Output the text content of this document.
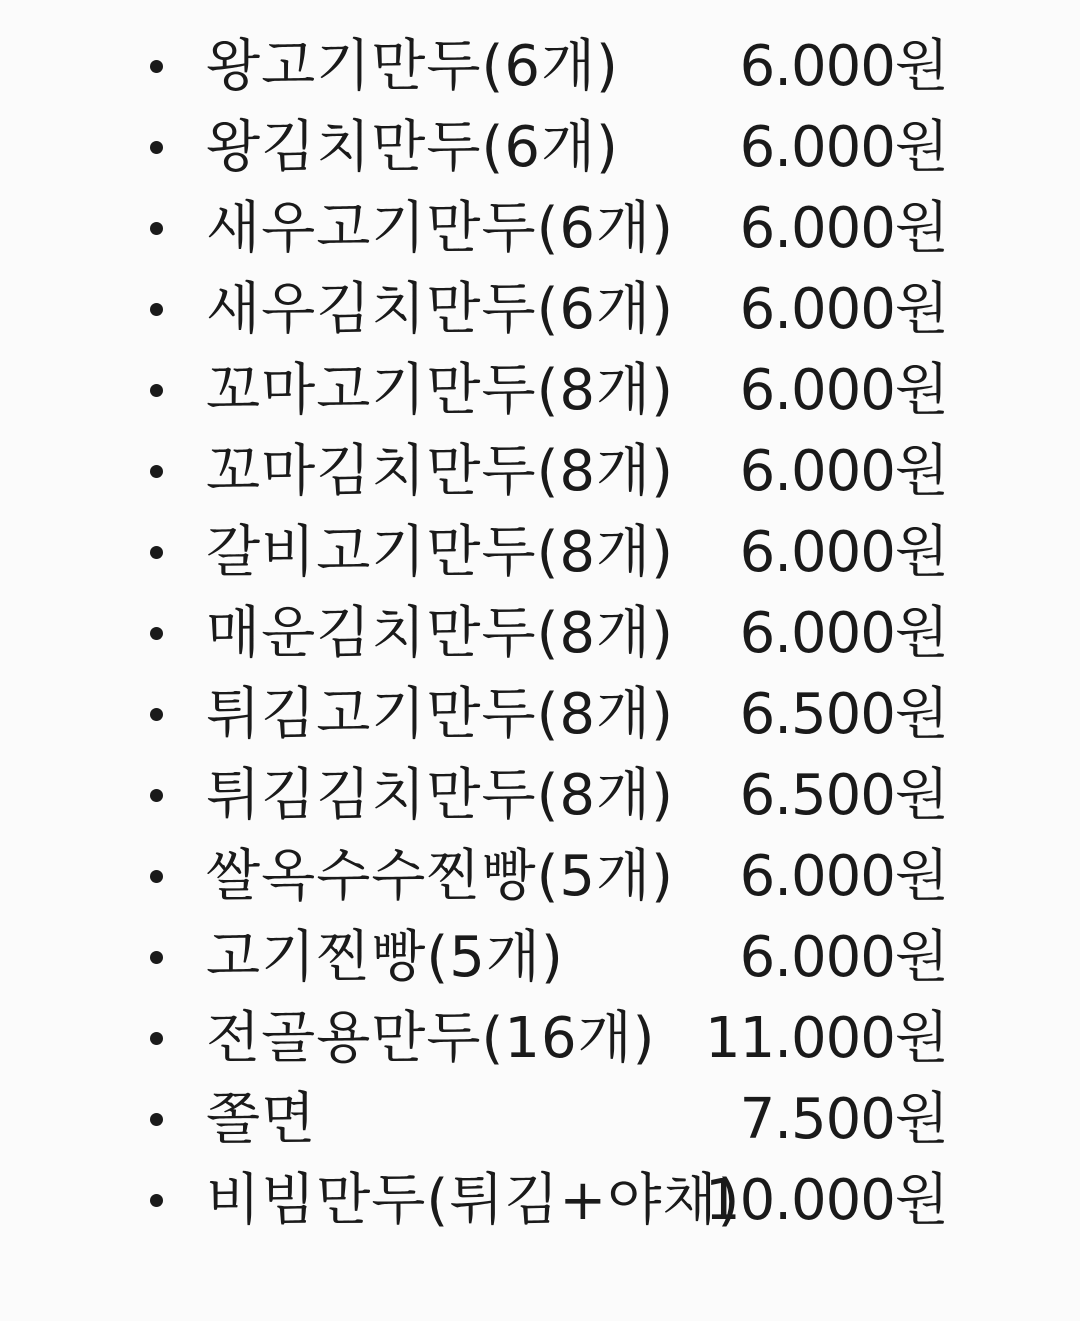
왕고기만두(6개) 6.000원
왕김치만두(6개) 6.000원
새우고기만두(6개) 6.000원
새우김치만두(6개) 6.000원
꼬마고기만두(8개) 6.000원
꼬마김치만두(8개) 6.000원
갈비고기만두(8개) 6.000원
매운김치만두(8개) 6.000원
튀김고기만두(8개) 6.500원
튀김김치만두(8개) 6.500원
쌀옥수수찐빵(5개) 6.000원
고기찐빵(5개)	6.000원
전골용만두(16개) 11.000원
쫄면	7.500원
비빔만두(튀김+야채)
10.000원
